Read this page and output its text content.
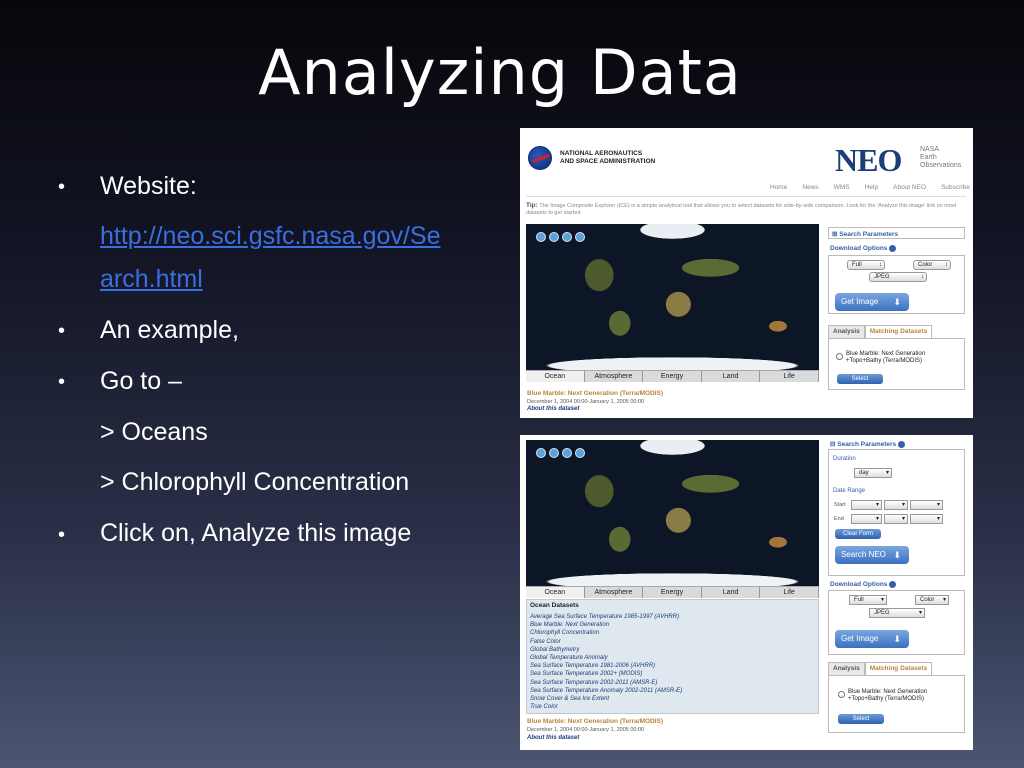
Analyzing Data
• Website:
http://neo.sci.gsfc.nasa.gov/Se
arch.html
• An example,
• Go to –
> Oceans
> Chlorophyll Concentration
• Click on, Analyze this image
NATIONAL AERONAUTICS
AND SPACE ADMINISTRATION	NEO	NASA
Earth
Observations
Home News WMS Help About NEO Subscribe
Tip: The Image Composite Explorer (ICE) is a simple analytical tool that allows you to select datasets for side-by-side comparison. Look for the 'Analyze this image' link on most datasets to get started.
Ocean	Atmosphere	Energy	Land	Life
Blue Marble: Next Generation (Terra/MODIS)
December 1, 2004 00:00-January 1, 2005 00:00
About this dataset
⊞ Search Parameters
Download Options
Full ↕	Color ↕
JPEG ↕
Get Image ⬇
Analysis	Matching Datasets
Blue Marble: Next Generation
+Topo+Bathy (Terra/MODIS)
Select
Ocean	Atmosphere	Energy	Land	Life
Ocean Datasets
Average Sea Surface Temperature 1985-1997 (AVHRR)
Blue Marble: Next Generation
Chlorophyll Concentration
False Color
Global Bathymetry
Global Temperature Anomaly
Sea Surface Temperature 1981-2006 (AVHRR)
Sea Surface Temperature 2002+ (MODIS)
Sea Surface Temperature 2002-2011 (AMSR-E)
Sea Surface Temperature Anomaly 2002-2011 (AMSR-E)
Snow Cover & Sea Ice Extent
True Color
Blue Marble: Next Generation (Terra/MODIS)
December 1, 2004 00:00-January 1, 2005 00:00
About this dataset
⊟ Search Parameters
Duration
day ▾
Date Range
Start
▾
▾
▾
End
▾
▾
▾
Clear Form
Search NEO ⬇
Download Options
Full ▾	Color ▾
JPEG ▾
Get Image ⬇
Analysis	Matching Datasets
Blue Marble: Next Generation
+Topo+Bathy (Terra/MODIS)
Select
